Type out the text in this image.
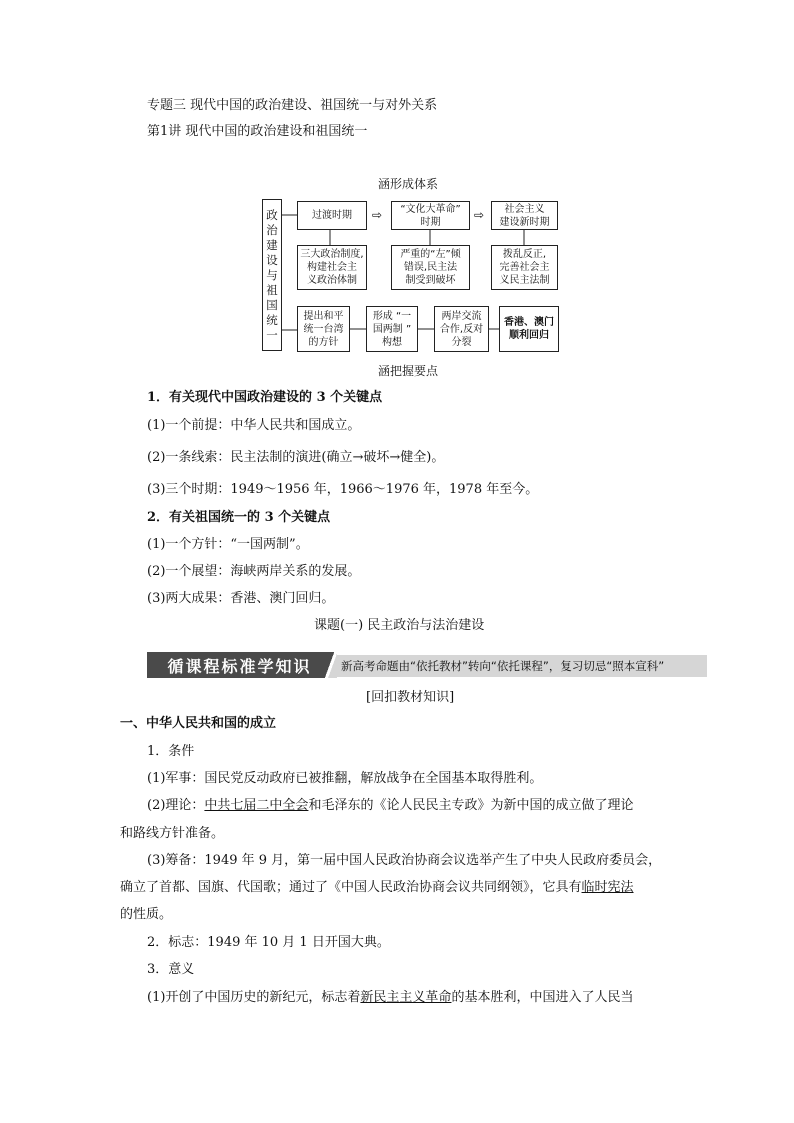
专题三 现代中国的政治建设、祖国统一与对外关系
第1讲 现代中国的政治建设和祖国统一
涵形成体系
政
治
建
设
与
祖
国
统
一
过渡时期	⇨	“文化大革命”
时期	⇨	社会主义
建设新时期
三大政治制度,
构建社会主
义政治体制
严重的“左”倾
错误,民主法
制受到破坏
拨乱反正,
完善社会主
义民主法制
提出和平
统一台湾
的方针
形成 “一
国两制 ”
构想
两岸交流
合作,反对
分裂
香港、澳门
顺利回归
涵把握要点
1．有关现代中国政治建设的 3 个关键点
(1)一个前提：中华人民共和国成立。
(2)一条线索：民主法制的演进(确立→破坏→健全)。
(3)三个时期：1949～1956 年，1966～1976 年，1978 年至今。
2．有关祖国统一的 3 个关键点
(1)一个方针：“一国两制”。
(2)一个展望：海峡两岸关系的发展。
(3)两大成果：香港、澳门回归。
课题(一) 民主政治与法治建设
新高考命题由“依托教材”转向“依托课程”，复习切忌“照本宣科”
循课程标准学知识
[回扣教材知识]
一、中华人民共和国的成立
1．条件
(1)军事：国民党反动政府已被推翻，解放战争在全国基本取得胜利。
(2)理论：中共七届二中全会和毛泽东的《论人民民主专政》为新中国的成立做了理论
和路线方针准备。
(3)筹备：1949 年 9 月，第一届中国人民政治协商会议选举产生了中央人民政府委员会，
确立了首都、国旗、代国歌；通过了《中国人民政治协商会议共同纲领》，它具有临时宪法
的性质。
2．标志：1949 年 10 月 1 日开国大典。
3．意义
(1)开创了中国历史的新纪元，标志着新民主主义革命的基本胜利，中国进入了人民当
